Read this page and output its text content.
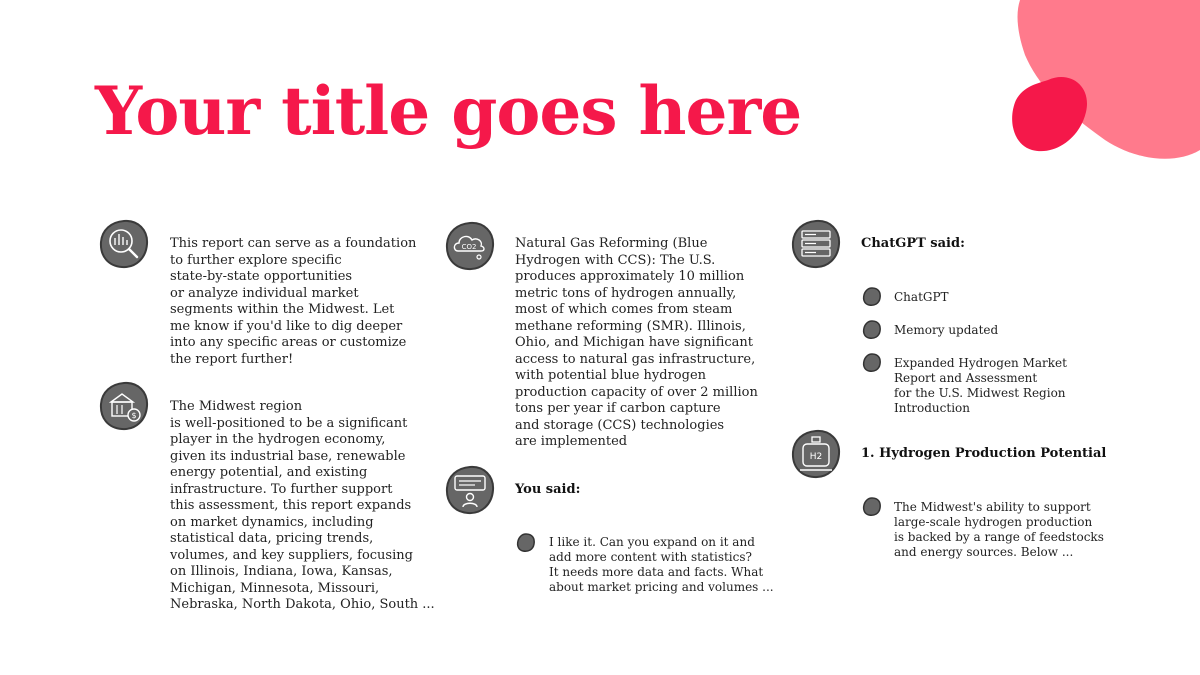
Your title goes here
This report can serve as a foundation
to further explore specific
state-by-state opportunities
or analyze individual market
segments within the Midwest. Let
me know if you'd like to dig deeper
into any specific areas or customize
the report further!
$
The Midwest region
is well-positioned to be a significant
player in the hydrogen economy,
given its industrial base, renewable
energy potential, and existing
infrastructure. To further support
this assessment, this report expands
on market dynamics, including
statistical data, pricing trends,
volumes, and key suppliers, focusing
on Illinois, Indiana, Iowa, Kansas,
Michigan, Minnesota, Missouri,
Nebraska, North Dakota, Ohio, South ...
CO2	Natural Gas Reforming (Blue
Hydrogen with CCS): The U.S.
produces approximately 10 million
metric tons of hydrogen annually,
most of which comes from steam
methane reforming (SMR). Illinois,
Ohio, and Michigan have significant
access to natural gas infrastructure,
with potential blue hydrogen
production capacity of over 2 million
tons per year if carbon capture
and storage (CCS) technologies
are implemented
You said:
I like it. Can you expand on it and
add more content with statistics?
It needs more data and facts. What
about market pricing and volumes ...
ChatGPT said:
ChatGPT
Memory updated
Expanded Hydrogen Market
Report and Assessment
for the U.S. Midwest Region
Introduction
H2	1. Hydrogen Production Potential
The Midwest's ability to support
large-scale hydrogen production
is backed by a range of feedstocks
and energy sources. Below ...
